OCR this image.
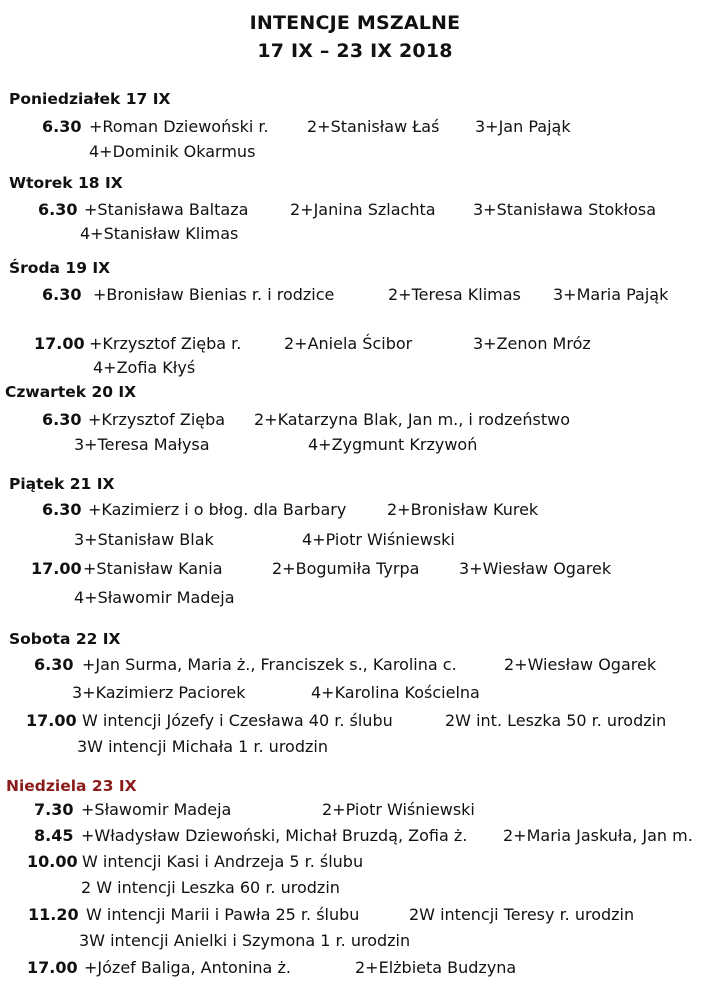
INTENCJE MSZALNE
17 IX – 23 IX 2018
Poniedziałek 17 IX
6.30 +Roman Dziewoński r. 2+Stanisław Łaś 3+Jan Pająk
4+Dominik Okarmus
Wtorek 18 IX
6.30 +Stanisława Baltaza	2+Janina Szlachta 3+Stanisława Stokłosa
4+Stanisław Klimas
Środa 19 IX
6.30 +Bronisław Bienias r. i rodzice	2+Teresa Klimas 3+Maria Pająk
17.00 +Krzysztof Zięba r.	2+Aniela Ścibor	3+Zenon Mróz
4+Zofia Kłyś
Czwartek 20 IX
6.30 +Krzysztof Zięba 2+Katarzyna Blak, Jan m., i rodzeństwo
3+Teresa Małysa	4+Zygmunt Krzywoń
Piątek 21 IX
6.30 +Kazimierz i o błog. dla Barbary	2+Bronisław Kurek
3+Stanisław Blak	4+Piotr Wiśniewski
17.00 +Stanisław Kania	2+Bogumiła Tyrpa 3+Wiesław Ogarek
4+Sławomir Madeja
Sobota 22 IX
6.30 +Jan Surma, Maria ż., Franciszek s., Karolina c.	2+Wiesław Ogarek
3+Kazimierz Paciorek	4+Karolina Kościelna
17.00 W intencji Józefy i Czesława 40 r. ślubu	2W int. Leszka 50 r. urodzin
3W intencji Michała 1 r. urodzin
Niedziela 23 IX
7.30 +Sławomir Madeja	2+Piotr Wiśniewski
8.45 +Władysław Dziewoński, Michał Bruzdą, Zofia ż. 2+Maria Jaskuła, Jan m.
10.00 W intencji Kasi i Andrzeja 5 r. ślubu
2 W intencji Leszka 60 r. urodzin
11.20 W intencji Marii i Pawła 25 r. ślubu	2W intencji Teresy r. urodzin
3W intencji Anielki i Szymona 1 r. urodzin
17.00 +Józef Baliga, Antonina ż.	2+Elżbieta Budzyna
